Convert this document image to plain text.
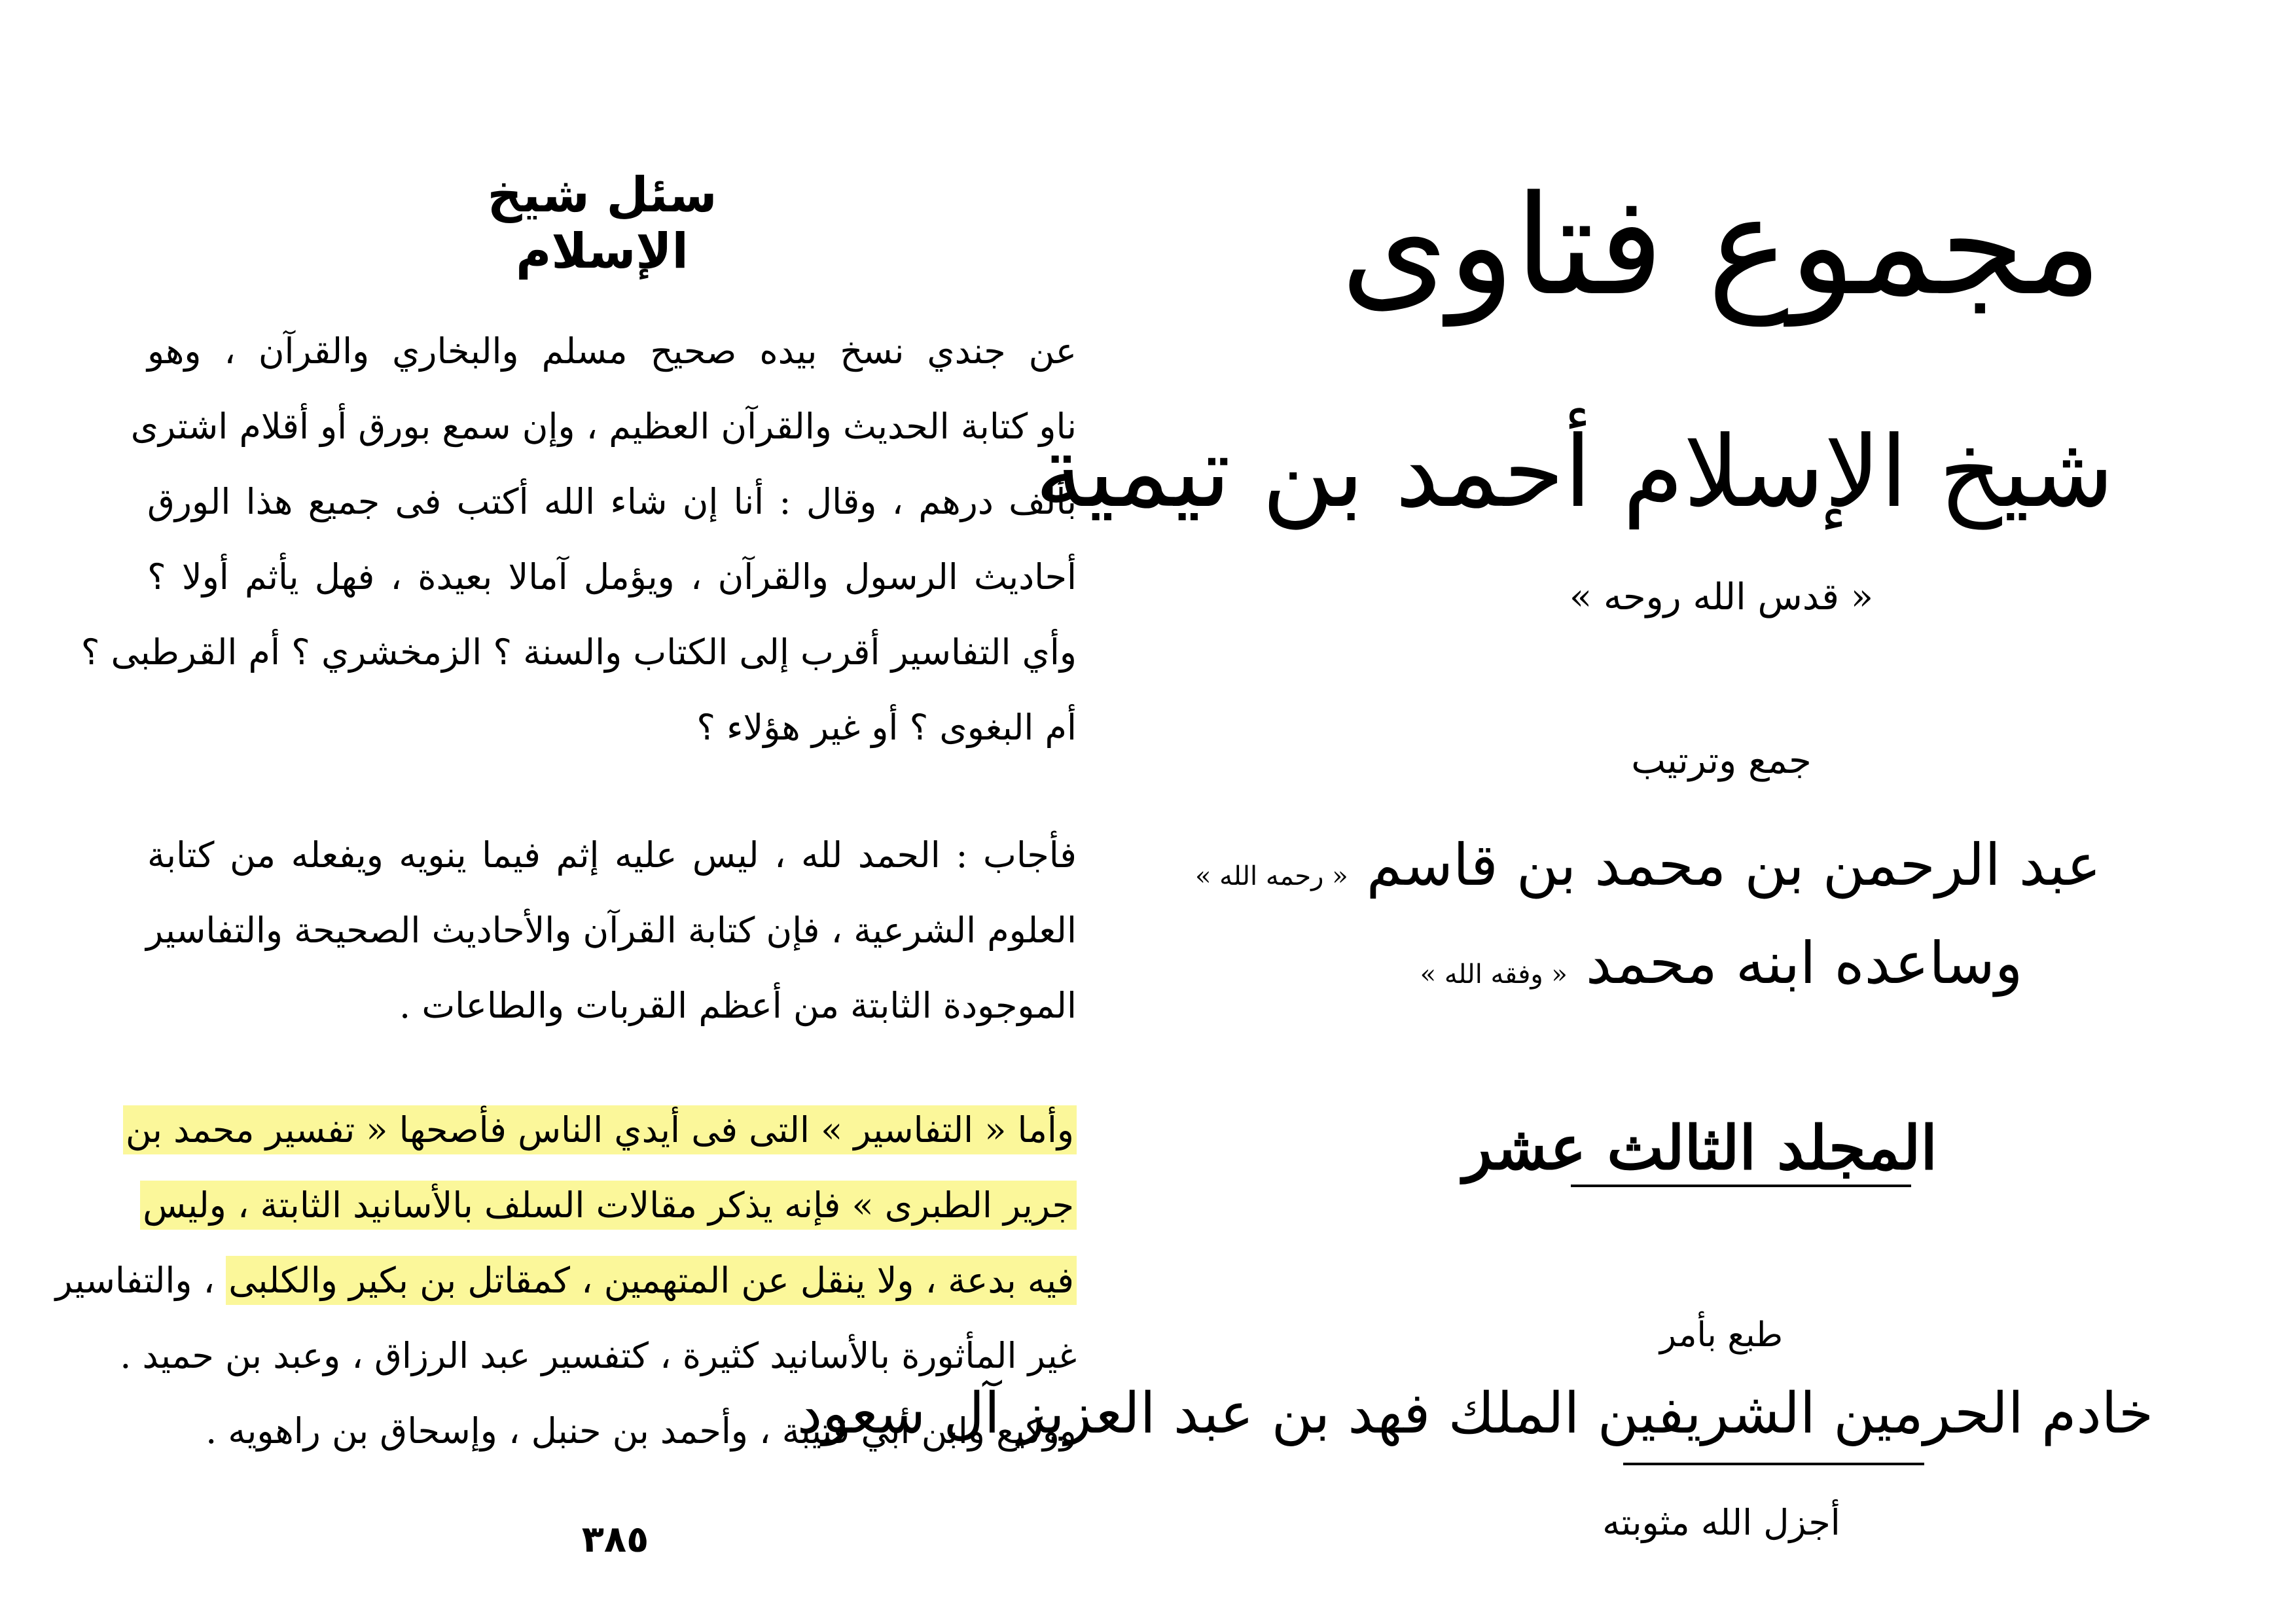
سئل شيخ الإسلام
عن جندي نسخ بيده صحيح مسلم والبخاري والقرآن ، وهو
ناو كتابة الحديث والقرآن العظيم ، وإن سمع بورق أو أقلام اشترى
بألف درهم ، وقال : أنا إن شاء الله أكتب فى جميع هذا الورق
أحاديث الرسول والقرآن ، ويؤمل آمالا بعيدة ، فهل يأثم أولا ؟
وأي التفاسير أقرب إلى الكتاب والسنة ؟ الزمخشري ؟ أم القرطبى ؟
أم البغوى ؟ أو غير هؤلاء ؟
فأجاب : الحمد لله ، ليس عليه إثم فيما ينويه ويفعله من كتابة
العلوم الشرعية ، فإن كتابة القرآن والأحاديث الصحيحة والتفاسير
الموجودة الثابتة من أعظم القربات والطاعات .
وأما « التفاسير » التى فى أيدي الناس فأصحها « تفسير محمد بن
جرير الطبرى » فإنه يذكر مقالات السلف بالأسانيد الثابتة ، وليس
فيه بدعة ، ولا ينقل عن المتهمين ، كمقاتل بن بكير والكلبى ، والتفاسير
غير المأثورة بالأسانيد كثيرة ، كتفسير عبد الرزاق ، وعبد بن حميد .
ووكيع وابن أبي قتيبة ، وأحمد بن حنبل ، وإسحاق بن راهويه .
٣٨٥
مجموع فتاوى
شيخ الإسلام أحمد بن تيمية
« قدس الله روحه »
جمع وترتيب
عبد الرحمن بن محمد بن قاسم « رحمه الله »
وساعده ابنه محمد « وفقه الله »
المجلد الثالث عشر
طبع بأمر
خادم الحرمين الشريفين الملك فهد بن عبد العزيز آل سعود
أجزل الله مثوبته
